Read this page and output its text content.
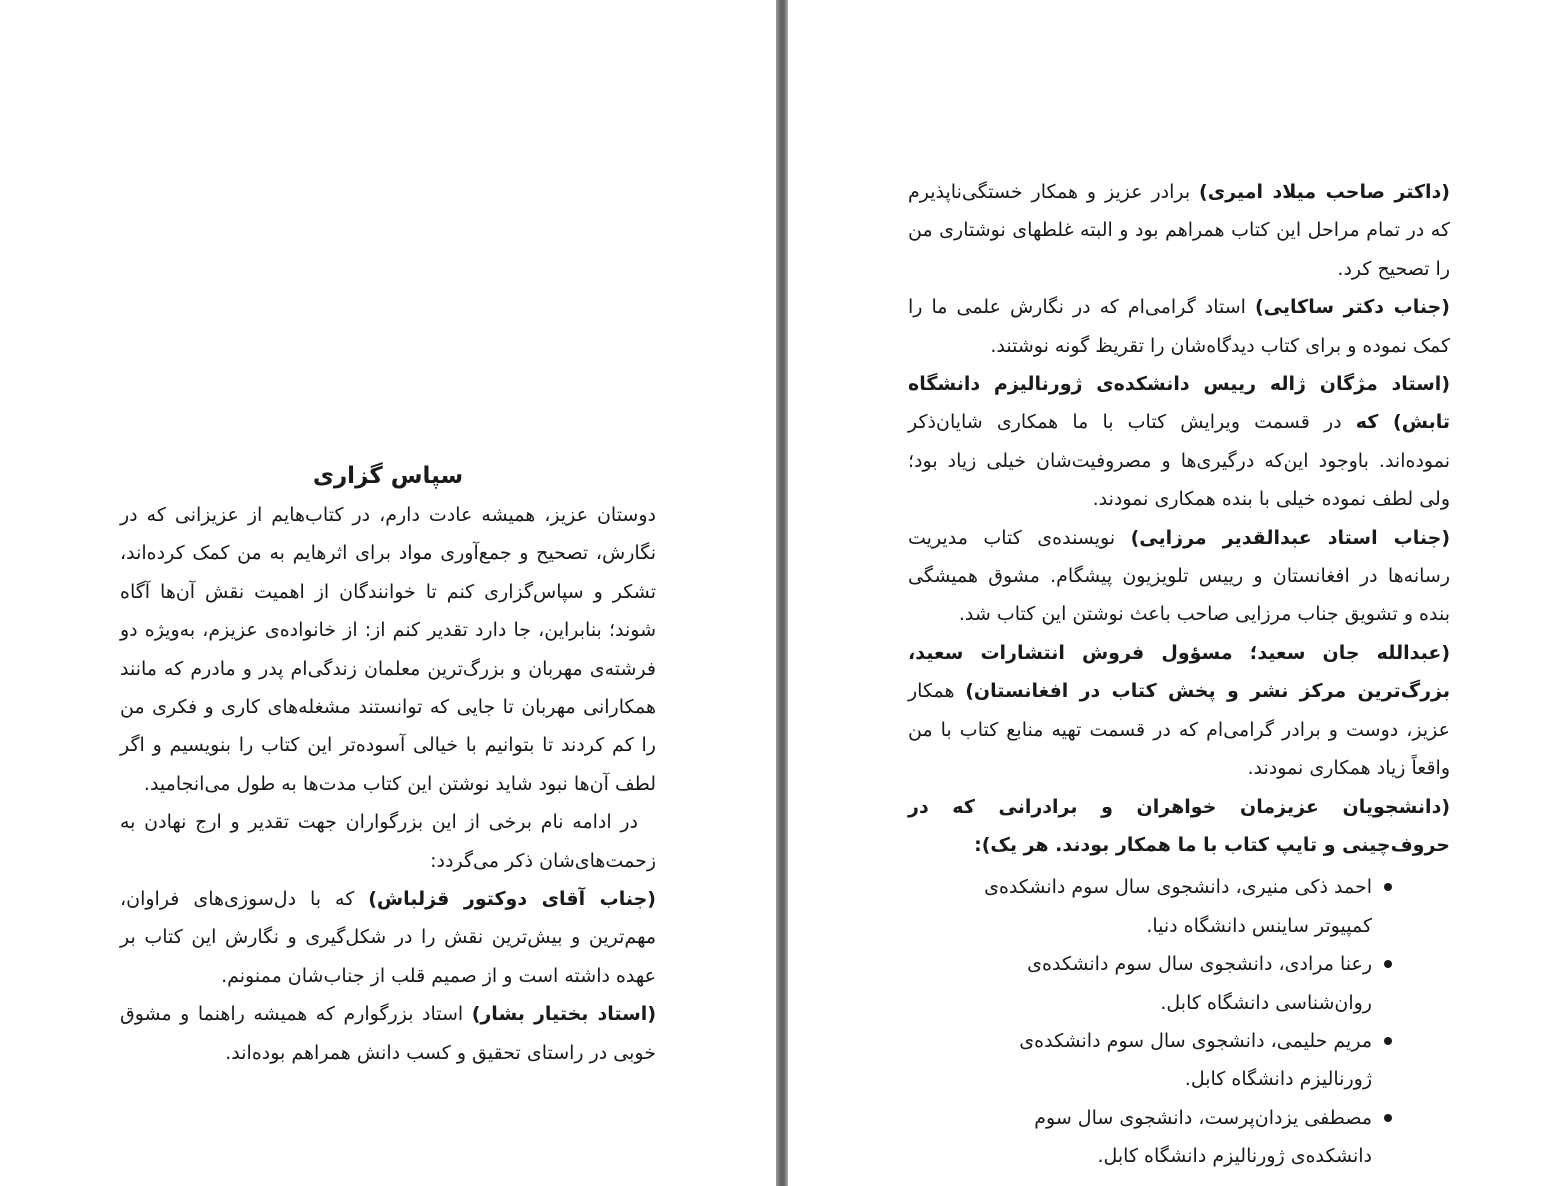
سپاس گزاری

دوستان عزیز، همیشه عادت دارم، در کتاب‌هایم از عزیزانی که در نگارش، تصحیح و جمع‌آوری مواد برای اثرهایم به من کمک کرده‌اند، تشکر و سپاس‌گزاری کنم تا خوانندگان از اهمیت نقش آن‌ها آگاه شوند؛ بنابراین، جا دارد تقدیر کنم از: از خانواده‌ی عزیزم، به‌ویژه دو فرشته‌ی مهربان و بزرگ‌ترین معلمان زندگی‌ام پدر و مادرم که مانند همکارانی مهربان تا جایی که توانستند مشغله‌های کاری و فکری من را کم کردند تا بتوانیم با خیالی آسوده‌تر این کتاب را بنویسیم و اگر لطف آن‌ها نبود شاید نوشتن این کتاب مدت‌ها به طول می‌انجامید.

در ادامه نام برخی از این بزرگواران جهت تقدیر و ارج نهادن به زحمت‌های‌شان ذکر می‌گردد:

(جناب آقای دوکتور قزلباش) که با دل‌سوزی‌های فراوان، مهم‌ترین و بیش‌ترین نقش را در شکل‌گیری و نگارش این کتاب بر عهده داشته است و از صمیم قلب از جناب‌شان ممنونم.

(استاد بختیار بشار) استاد بزرگوارم که همیشه راهنما و مشوق خوبی در راستای تحقیق و کسب دانش همراهم بوده‌اند.

(داکتر صاحب میلاد امیری) برادر عزیز و همکار خستگی‌ناپذیرم که در تمام مراحل این کتاب همراهم بود و البته غلطهای نوشتاری من را تصحیح کرد.

(جناب دکتر ساکایی) استاد گرامی‌ام که در نگارش علمی ما را کمک نموده و برای کتاب دیدگاه‌شان را تقریظ گونه نوشتند.

(استاد مژگان ژاله رییس دانشکده‌ی ژورنالیزم دانشگاه تابش) که در قسمت ویرایش کتاب با ما همکاری شایان‌ذکر نموده‌اند. باوجود این‌که درگیری‌ها و مصروفیت‌شان خیلی زیاد بود؛ ولی لطف نموده خیلی با بنده همکاری نمودند.

(جناب استاد عبدالقدیر مرزایی) نویسنده‌ی کتاب مدیریت رسانه‌ها در افغانستان و رییس تلویزیون پیشگام. مشوق همیشگی بنده و تشویق جناب مرزایی صاحب باعث نوشتن این کتاب شد.

(عبدالله جان سعید؛ مسؤول فروش انتشارات سعید، بزرگ‌ترین مرکز نشر و پخش کتاب در افغانستان) همکار عزیز، دوست و برادر گرامی‌ام که در قسمت تهیه منابع کتاب با من واقعاً زیاد همکاری نمودند.

(دانشجویان عزیزمان خواهران و برادرانی که در حروف‌چینی و تایپ کتاب با ما همکار بودند. هر یک):

احمد ذکی منیری، دانشجوی سال سوم دانشکده‌ی کمپیوتر ساینس دانشگاه دنیا.
رعنا مرادی، دانشجوی سال سوم دانشکده‌ی روان‌شناسی دانشگاه کابل.
مریم حلیمی، دانشجوی سال سوم دانشکده‌ی ژورنالیزم دانشگاه کابل.
مصطفی یزدان‌پرست، دانشجوی سال سوم دانشکده‌ی ژورنالیزم دانشگاه کابل.
